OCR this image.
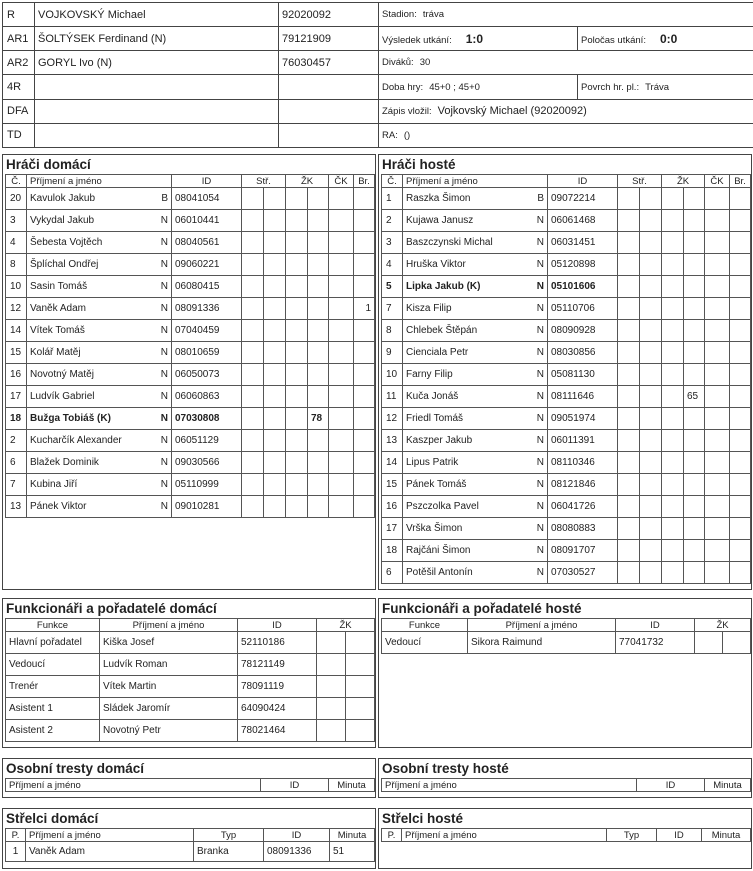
R	VOJKOVSKÝ Michael	92020092	Stadion: tráva	
AR1	ŠOLTÝSEK Ferdinand (N)	79121909	Výsledek utkání: 1:0	Poločas utkání: 0:0
AR2	GORYL Ivo (N)	76030457	Diváků: 30	
4R			Doba hry: 45+0 ; 45+0	Povrch hr. pl.: Tráva
DFA			Zápis vložil: Vojkovský Michael (92020092)	
TD			RA: ()	
Hráči domácí
Č.	Příjmení a jméno	ID	Stř.		ŽK		ČK	Br.
20	Kavulok Jakub B	08041054						
3	Vykydal Jakub N	06010441						
4	Šebesta Vojtěch N	08040561						
8	Šplíchal Ondřej N	09060221						
10	Sasin Tomáš N	06080415						
12	Vaněk Adam N	08091336						1
14	Vítek Tomáš N	07040459						
15	Kolář Matěj N	08010659						
16	Novotný Matěj N	06050073						
17	Ludvík Gabriel N	06060863						
18	Bužga Tobiáš (K) N	07030808				78		
2	Kucharčík Alexander N	06051129						
6	Blažek Dominik N	09030566						
7	Kubina Jiří N	05110999						
13	Pánek Viktor N	09010281						
Hráči hosté
Č.	Příjmení a jméno	ID	Stř.		ŽK		ČK	Br.
1	Raszka Šimon B	09072214						
2	Kujawa Janusz N	06061468						
3	Baszczynski Michal N	06031451						
4	Hruška Viktor N	05120898						
5	Lipka Jakub (K) N	05101606						
7	Kisza Filip N	05110706						
8	Chlebek Štěpán N	08090928						
9	Cienciala Petr N	08030856						
10	Farny Filip N	05081130						
11	Kuča Jonáš N	08111646				65		
12	Friedl Tomáš N	09051974						
13	Kaszper Jakub N	06011391						
14	Lipus Patrik N	08110346						
15	Pánek Tomáš N	08121846						
16	Pszczolka Pavel N	06041726						
17	Vrška Šimon N	08080883						
18	Rajčáni Šimon N	08091707						
6	Potěšil Antonín N	07030527						
Funkcionáři a pořadatelé domácí
Funkce	Příjmení a jméno	ID	ŽK	
Hlavní pořadatel	Kiška Josef	52110186		
Vedoucí	Ludvík Roman	78121149		
Trenér	Vítek Martin	78091119		
Asistent 1	Sládek Jaromír	64090424		
Asistent 2	Novotný Petr	78021464		
Funkcionáři a pořadatelé hosté
Funkce	Příjmení a jméno	ID	ŽK	
Vedoucí	Sikora Raimund	77041732		
Osobní tresty domácí
Příjmení a jméno	ID	Minuta
Osobní tresty hosté
Příjmení a jméno	ID	Minuta
Střelci domácí
P.	Příjmení a jméno	Typ	ID	Minuta
1	Vaněk Adam	Branka	08091336	51
Střelci hosté
P.	Příjmení a jméno	Typ	ID	Minuta
